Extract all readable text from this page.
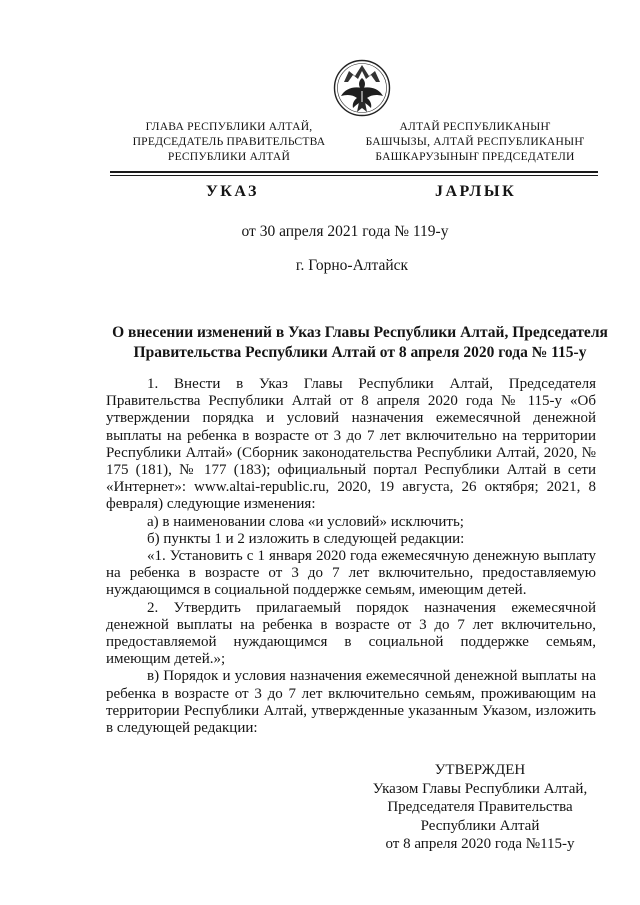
ГЛАВА РЕСПУБЛИКИ АЛТАЙ,
ПРЕДСЕДАТЕЛЬ ПРАВИТЕЛЬСТВА
РЕСПУБЛИКИ АЛТАЙ
АЛТАЙ РЕСПУБЛИКАНЫҤ
БАШЧЫЗЫ, АЛТАЙ РЕСПУБЛИКАНЫҤ
БАШКАРУЗЫНЫҤ ПРЕДСЕДАТЕЛИ
УКАЗ	JАРЛЫК
от 30 апреля 2021 года № 119-у
г. Горно-Алтайск
О внесении изменений в Указ Главы Республики Алтай, Председателя
Правительства Республики Алтай от 8 апреля 2020 года № 115-у

1. Внести в Указ Главы Республики Алтай, Председателя Правительства Республики Алтай от 8 апреля 2020 года № 115-у «Об утверждении порядка и условий назначения ежемесячной денежной выплаты на ребенка в возрасте от 3 до 7 лет включительно на территории Республики Алтай» (Сборник законодательства Республики Алтай, 2020, № 175 (181), № 177 (183); официальный портал Республики Алтай в сети «Интернет»: www.altai-republic.ru, 2020, 19 августа, 26 октября; 2021, 8 февраля) следующие изменения:

а) в наименовании слова «и условий» исключить;

б) пункты 1 и 2 изложить в следующей редакции:

«1. Установить с 1 января 2020 года ежемесячную денежную выплату на ребенка в возрасте от 3 до 7 лет включительно, предоставляемую нуждающимся в социальной поддержке семьям, имеющим детей.

2. Утвердить прилагаемый порядок назначения ежемесячной денежной выплаты на ребенка в возрасте от 3 до 7 лет включительно, предоставляемой нуждающимся в социальной поддержке семьям, имеющим детей.»;

в) Порядок и условия назначения ежемесячной денежной выплаты на ребенка в возрасте от 3 до 7 лет включительно семьям, проживающим на территории Республики Алтай, утвержденные указанным Указом, изложить в следующей редакции:

УТВЕРЖДЕН
Указом Главы Республики Алтай,
Председателя Правительства
Республики Алтай
от 8 апреля 2020 года №115-у
